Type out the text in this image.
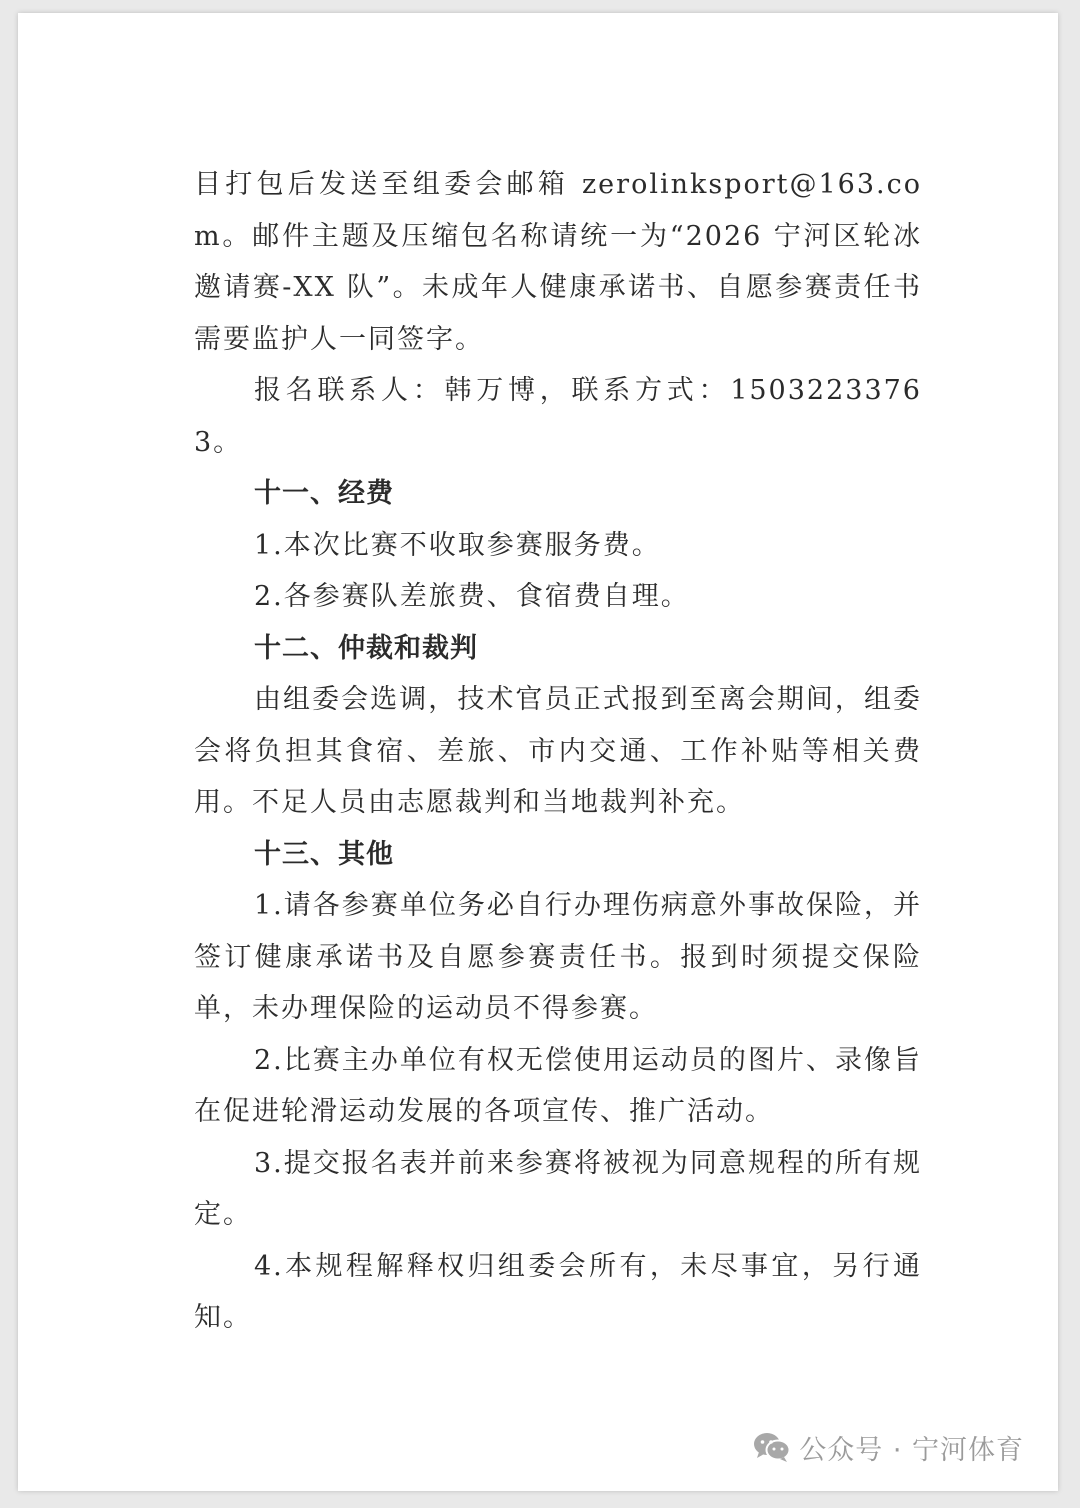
目打包后发送至组委会邮箱 zerolinksport@163.com。邮件主题及压缩包名称请统一为“2026 宁河区轮冰邀请赛-XX 队”。未成年人健康承诺书、自愿参赛责任书需要监护人一同签字。

报名联系人：韩万博，联系方式：15032233763。

十一、经费

1.本次比赛不收取参赛服务费。

2.各参赛队差旅费、食宿费自理。

十二、仲裁和裁判

由组委会选调，技术官员正式报到至离会期间，组委会将负担其食宿、差旅、市内交通、工作补贴等相关费用。不足人员由志愿裁判和当地裁判补充。

十三、其他

1.请各参赛单位务必自行办理伤病意外事故保险，并签订健康承诺书及自愿参赛责任书。报到时须提交保险单，未办理保险的运动员不得参赛。

2.比赛主办单位有权无偿使用运动员的图片、录像旨在促进轮滑运动发展的各项宣传、推广活动。

3.提交报名表并前来参赛将被视为同意规程的所有规定。

4.本规程解释权归组委会所有，未尽事宜，另行通知。

公众号 · 宁河体育
